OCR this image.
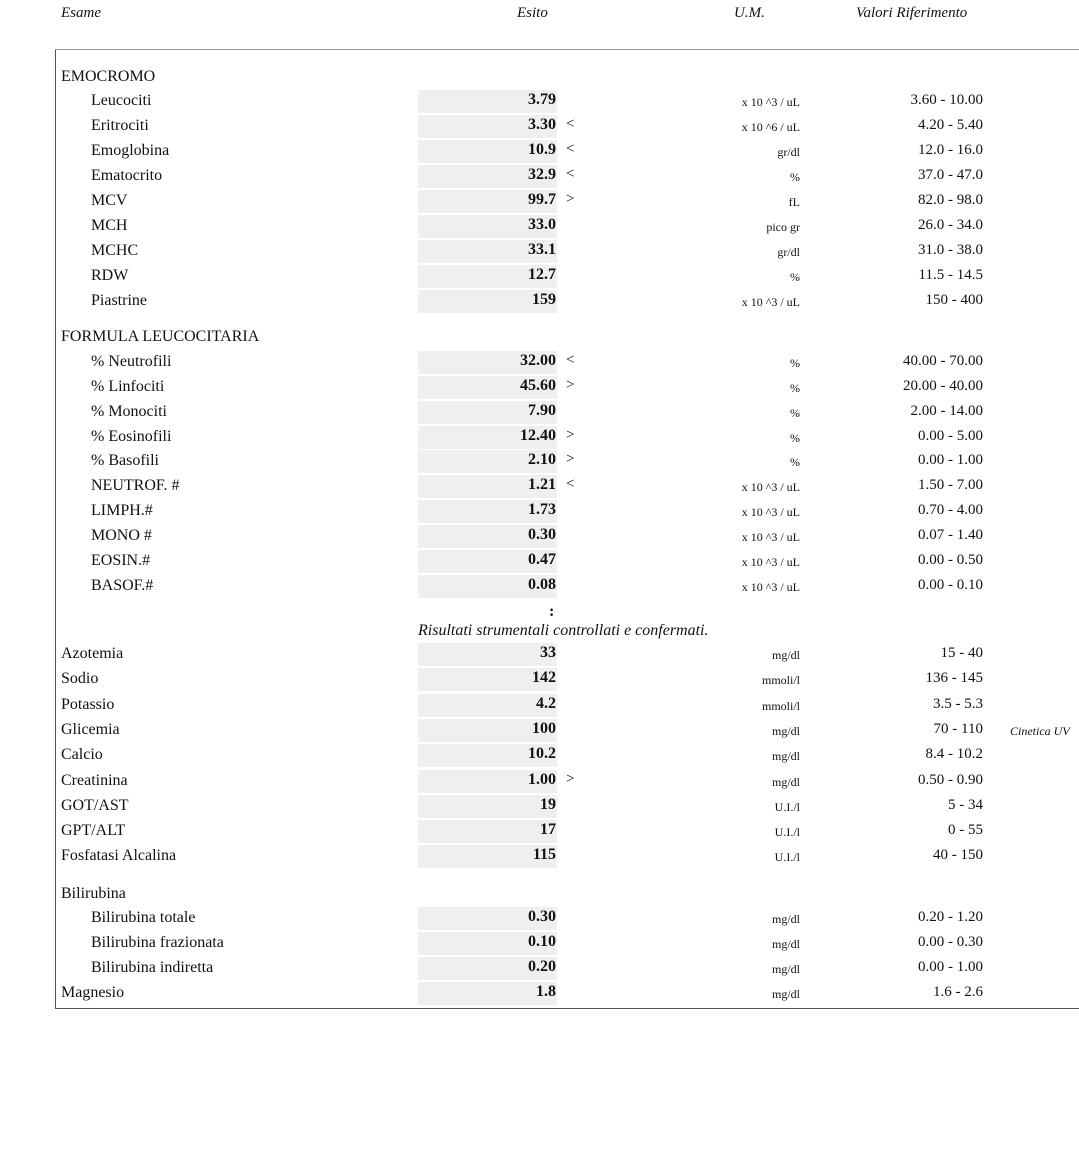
Esame	Esito	U.M.	Valori Riferimento
EMOCROMO
Leucociti	3.79	x 10 ^3 / uL	3.60 - 10.00
Eritrociti	3.30 <	x 10 ^6 / uL	4.20 - 5.40
Emoglobina	10.9 <	gr/dl	12.0 - 16.0
Ematocrito	32.9 <	%	37.0 - 47.0
MCV	99.7 >	fL	82.0 - 98.0
MCH	33.0	pico gr	26.0 - 34.0
MCHC	33.1	gr/dl	31.0 - 38.0
RDW	12.7	%	11.5 - 14.5
Piastrine	159	x 10 ^3 / uL	150 - 400
FORMULA LEUCOCITARIA
% Neutrofili	32.00 <	%	40.00 - 70.00
% Linfociti	45.60 >	%	20.00 - 40.00
% Monociti	7.90	%	2.00 - 14.00
% Eosinofili	12.40 >	%	0.00 - 5.00
% Basofili	2.10 >	%	0.00 - 1.00
NEUTROF. #	1.21 <	x 10 ^3 / uL	1.50 - 7.00
LIMPH.#	1.73	x 10 ^3 / uL	0.70 - 4.00
MONO #	0.30	x 10 ^3 / uL	0.07 - 1.40
EOSIN.#	0.47	x 10 ^3 / uL	0.00 - 0.50
BASOF.#	0.08	x 10 ^3 / uL	0.00 - 0.10
Azotemia	33	mg/dl	15 - 40
Sodio	142	mmoli/l	136 - 145
Potassio	4.2	mmoli/l	3.5 - 5.3
Glicemia	100	mg/dl	70 - 110 Cinetica UV
Calcio	10.2	mg/dl	8.4 - 10.2
Creatinina	1.00 >	mg/dl	0.50 - 0.90
GOT/AST	19	U.I./l	5 - 34
GPT/ALT	17	U.I./l	0 - 55
Fosfatasi Alcalina	115	U.I./l	40 - 150
Bilirubina
Bilirubina totale	0.30	mg/dl	0.20 - 1.20
Bilirubina frazionata	0.10	mg/dl	0.00 - 0.30
Bilirubina indiretta	0.20	mg/dl	0.00 - 1.00
Magnesio	1.8	mg/dl	1.6 - 2.6
:
Risultati strumentali controllati e confermati.
